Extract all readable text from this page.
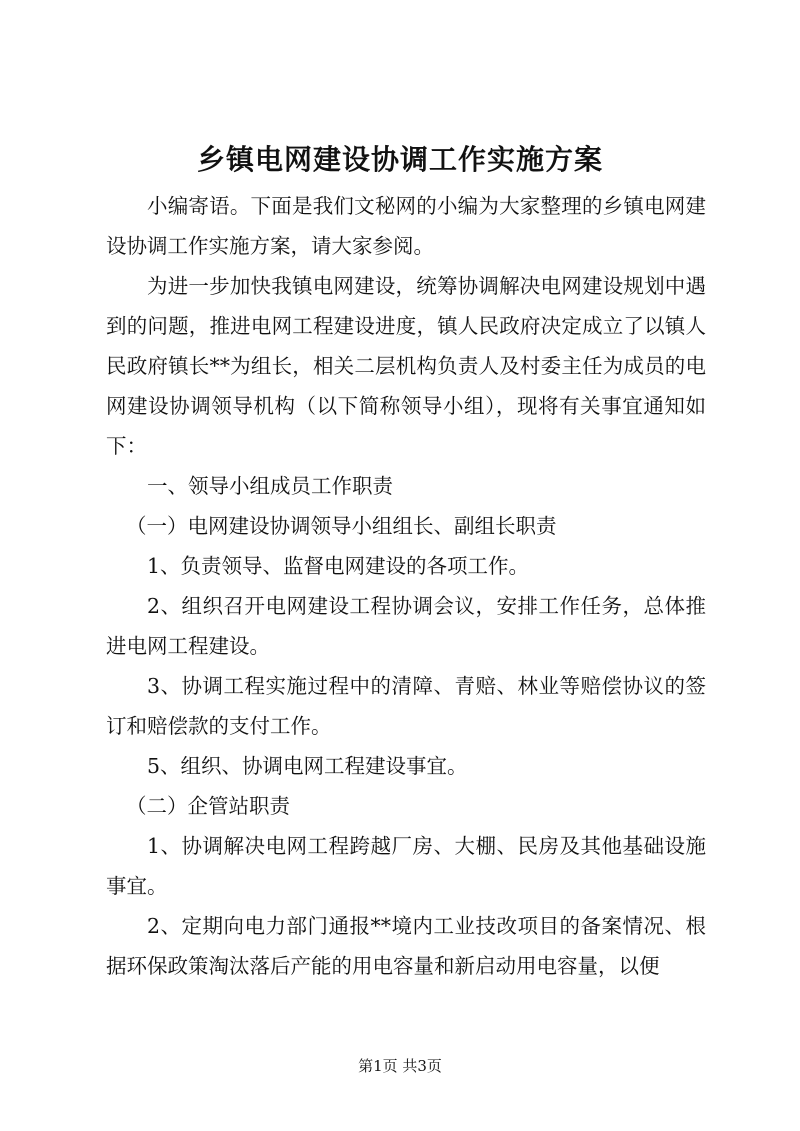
乡镇电网建设协调工作实施方案

小编寄语。下面是我们文秘网的小编为大家整理的乡镇电网建设协调工作实施方案，请大家参阅。

为进一步加快我镇电网建设，统筹协调解决电网建设规划中遇到的问题，推进电网工程建设进度，镇人民政府决定成立了以镇人民政府镇长**为组长，相关二层机构负责人及村委主任为成员的电网建设协调领导机构（以下简称领导小组），现将有关事宜通知如下：

一、领导小组成员工作职责

（一）电网建设协调领导小组组长、副组长职责

1、负责领导、监督电网建设的各项工作。

2、组织召开电网建设工程协调会议，安排工作任务，总体推进电网工程建设。

3、协调工程实施过程中的清障、青赔、林业等赔偿协议的签订和赔偿款的支付工作。

5、组织、协调电网工程建设事宜。

（二）企管站职责

1、协调解决电网工程跨越厂房、大棚、民房及其他基础设施事宜。

2、定期向电力部门通报**境内工业技改项目的备案情况、根据环保政策淘汰落后产能的用电容量和新启动用电容量，以便

第1页 共3页
